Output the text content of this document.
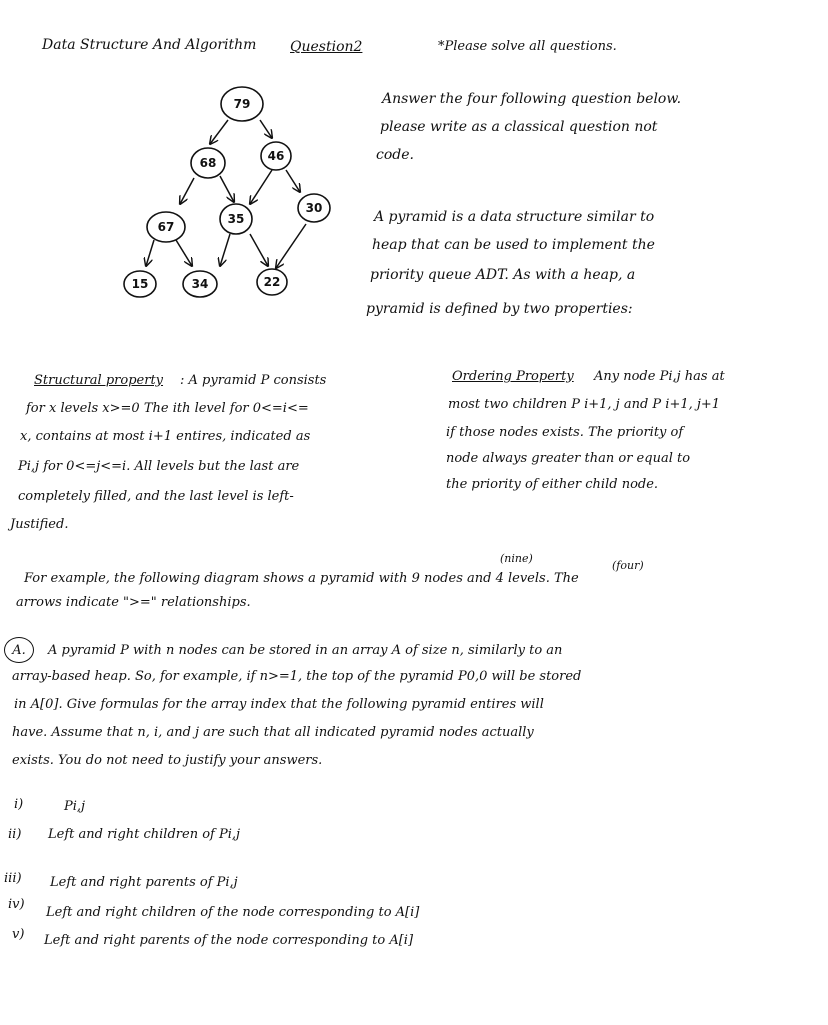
Data Structure And Algorithm Question2	*Please solve all questions.
79
68	46
67
35
30
15	34	22
Answer the four following question below.
please write as a classical question not
code.
A pyramid is a data structure similar to
heap that can be used to implement the
priority queue ADT. As with a heap, a
pyramid is defined by two properties:
Structural property : A pyramid P consists
for x levels x>=0 The ith level for 0<=i<=
x, contains at most i+1 entires, indicated as
Pi,j for 0<=j<=i. All levels but the last are
completely filled, and the last level is left-
Justified.
Ordering Property Any node Pi,j has at
most two children P i+1, j and P i+1, j+1
if those nodes exists. The priority of
node always greater than or equal to
the priority of either child node.
(nine)
(four)
For example, the following diagram shows a pyramid with 9 nodes and 4 levels. The
arrows indicate ">=" relationships.
A.	A pyramid P with n nodes can be stored in an array A of size n, similarly to an
array-based heap. So, for example, if n>=1, the top of the pyramid P0,0 will be stored
in A[0]. Give formulas for the array index that the following pyramid entires will
have. Assume that n, i, and j are such that all indicated pyramid nodes actually
exists. You do not need to justify your answers.
i)	Pi,j
ii) Left and right children of Pi,j
iii) Left and right parents of Pi,j
iv)
Left and right children of the node corresponding to A[i]
v) Left and right parents of the node corresponding to A[i]
